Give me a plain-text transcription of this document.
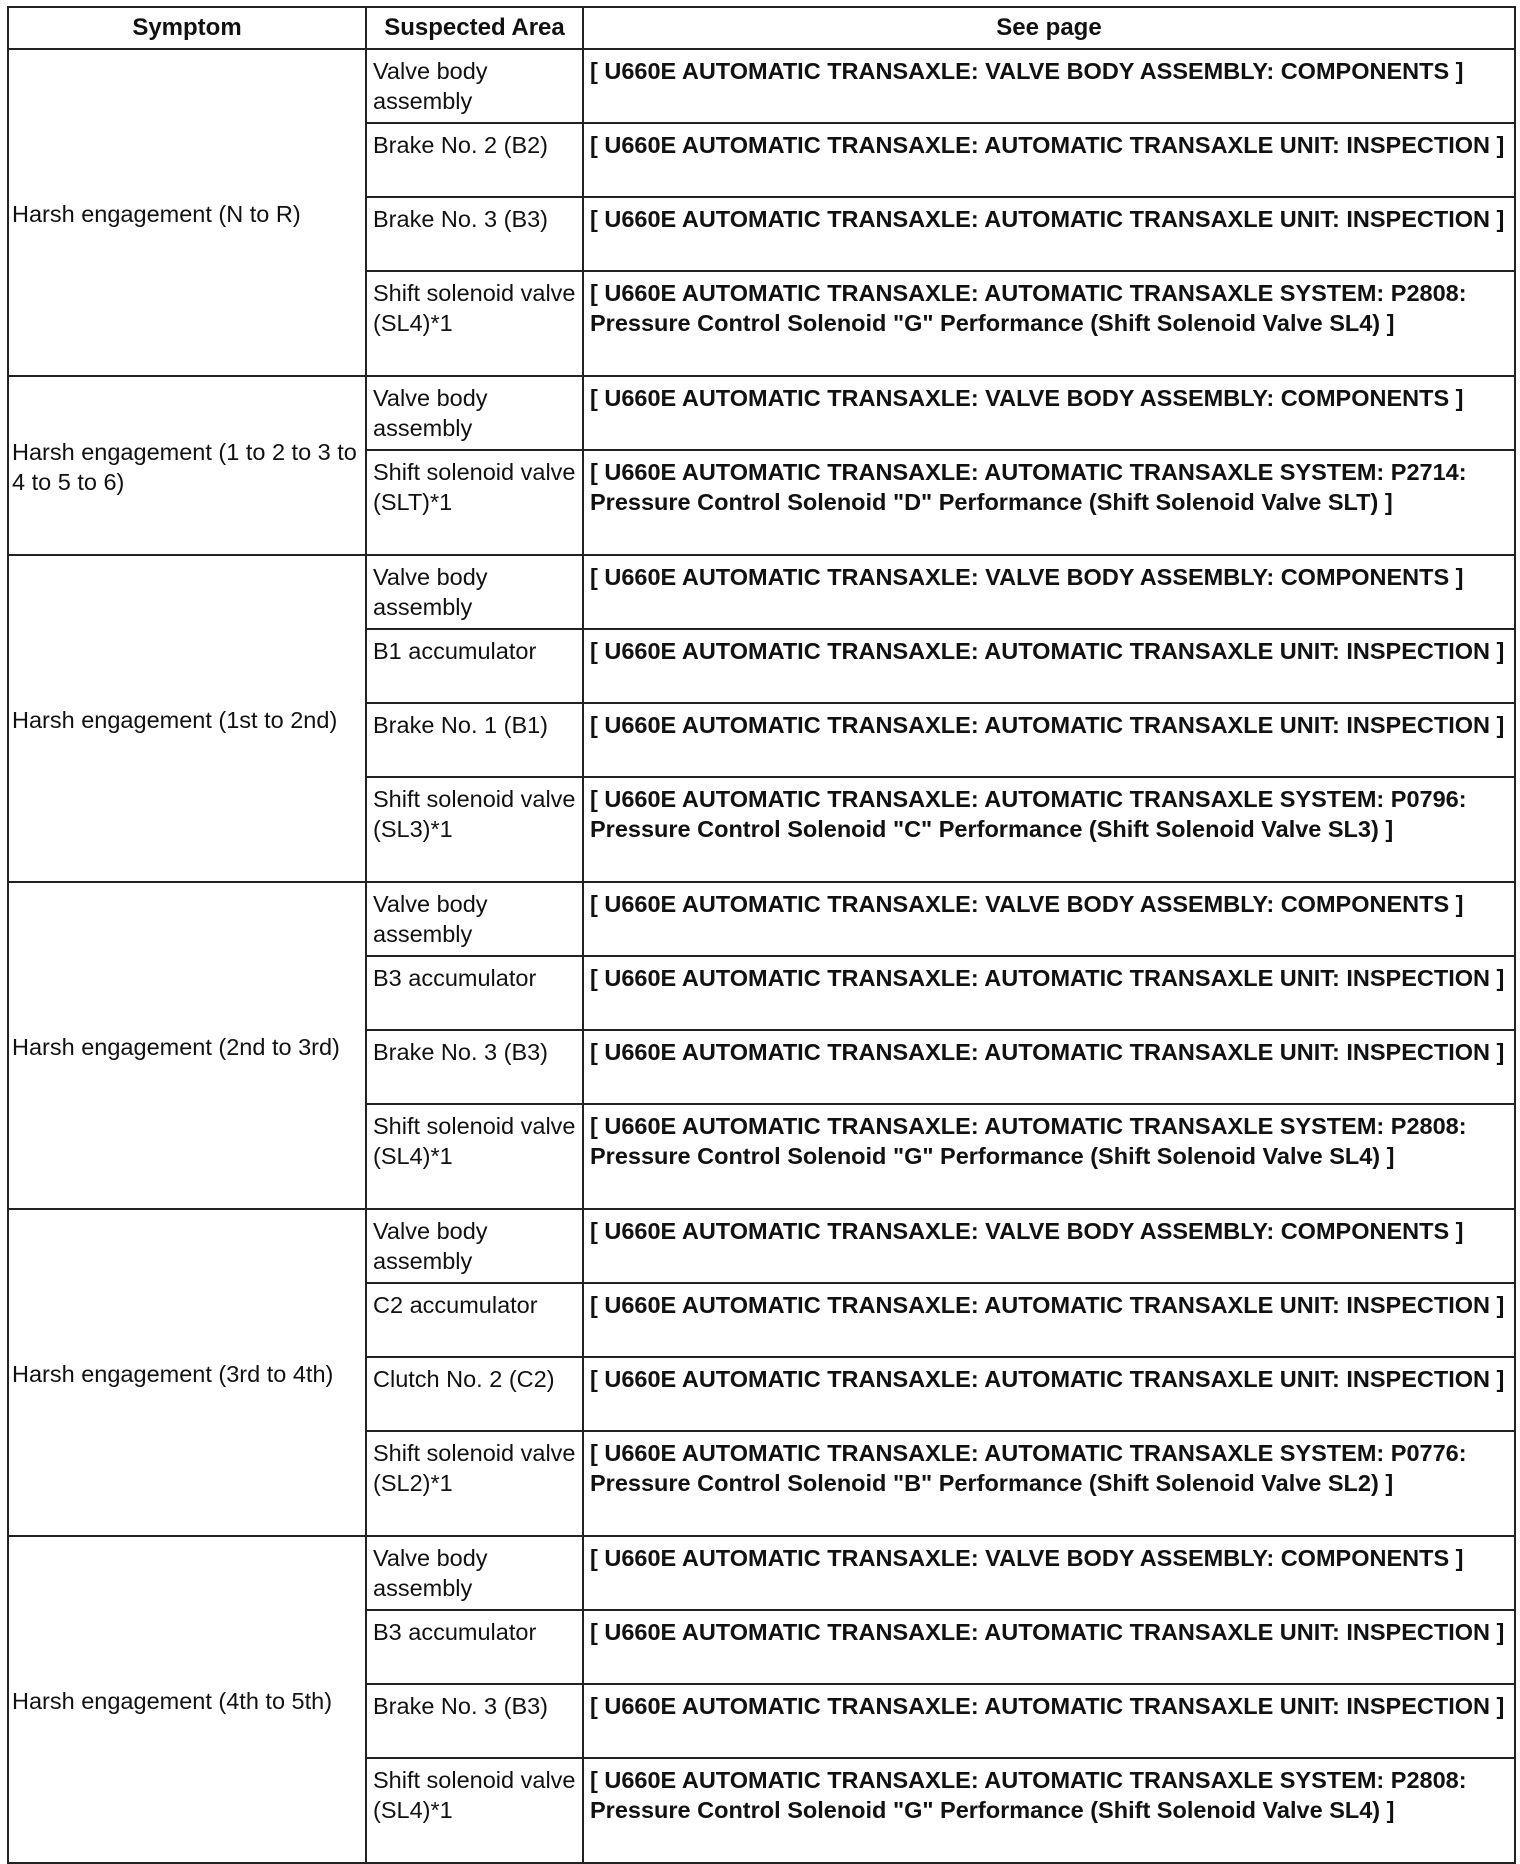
Symptom	Suspected Area	See page
Harsh engagement (N to R)	Valve body assembly	[ U660E AUTOMATIC TRANSAXLE: VALVE BODY ASSEMBLY: COMPONENTS ]
	Brake No. 2 (B2)	[ U660E AUTOMATIC TRANSAXLE: AUTOMATIC TRANSAXLE UNIT: INSPECTION ]
	Brake No. 3 (B3)	[ U660E AUTOMATIC TRANSAXLE: AUTOMATIC TRANSAXLE UNIT: INSPECTION ]
	Shift solenoid valve (SL4)*1	[ U660E AUTOMATIC TRANSAXLE: AUTOMATIC TRANSAXLE SYSTEM: P2808: Pressure Control Solenoid "G" Performance (Shift Solenoid Valve SL4) ]
Harsh engagement (1 to 2 to 3 to 4 to 5 to 6)	Valve body assembly	[ U660E AUTOMATIC TRANSAXLE: VALVE BODY ASSEMBLY: COMPONENTS ]
	Shift solenoid valve (SLT)*1	[ U660E AUTOMATIC TRANSAXLE: AUTOMATIC TRANSAXLE SYSTEM: P2714: Pressure Control Solenoid "D" Performance (Shift Solenoid Valve SLT) ]
Harsh engagement (1st to 2nd)	Valve body assembly	[ U660E AUTOMATIC TRANSAXLE: VALVE BODY ASSEMBLY: COMPONENTS ]
	B1 accumulator	[ U660E AUTOMATIC TRANSAXLE: AUTOMATIC TRANSAXLE UNIT: INSPECTION ]
	Brake No. 1 (B1)	[ U660E AUTOMATIC TRANSAXLE: AUTOMATIC TRANSAXLE UNIT: INSPECTION ]
	Shift solenoid valve (SL3)*1	[ U660E AUTOMATIC TRANSAXLE: AUTOMATIC TRANSAXLE SYSTEM: P0796: Pressure Control Solenoid "C" Performance (Shift Solenoid Valve SL3) ]
Harsh engagement (2nd to 3rd)	Valve body assembly	[ U660E AUTOMATIC TRANSAXLE: VALVE BODY ASSEMBLY: COMPONENTS ]
	B3 accumulator	[ U660E AUTOMATIC TRANSAXLE: AUTOMATIC TRANSAXLE UNIT: INSPECTION ]
	Brake No. 3 (B3)	[ U660E AUTOMATIC TRANSAXLE: AUTOMATIC TRANSAXLE UNIT: INSPECTION ]
	Shift solenoid valve (SL4)*1	[ U660E AUTOMATIC TRANSAXLE: AUTOMATIC TRANSAXLE SYSTEM: P2808: Pressure Control Solenoid "G" Performance (Shift Solenoid Valve SL4) ]
Harsh engagement (3rd to 4th)	Valve body assembly	[ U660E AUTOMATIC TRANSAXLE: VALVE BODY ASSEMBLY: COMPONENTS ]
	C2 accumulator	[ U660E AUTOMATIC TRANSAXLE: AUTOMATIC TRANSAXLE UNIT: INSPECTION ]
	Clutch No. 2 (C2)	[ U660E AUTOMATIC TRANSAXLE: AUTOMATIC TRANSAXLE UNIT: INSPECTION ]
	Shift solenoid valve (SL2)*1	[ U660E AUTOMATIC TRANSAXLE: AUTOMATIC TRANSAXLE SYSTEM: P0776: Pressure Control Solenoid "B" Performance (Shift Solenoid Valve SL2) ]
Harsh engagement (4th to 5th)	Valve body assembly	[ U660E AUTOMATIC TRANSAXLE: VALVE BODY ASSEMBLY: COMPONENTS ]
	B3 accumulator	[ U660E AUTOMATIC TRANSAXLE: AUTOMATIC TRANSAXLE UNIT: INSPECTION ]
	Brake No. 3 (B3)	[ U660E AUTOMATIC TRANSAXLE: AUTOMATIC TRANSAXLE UNIT: INSPECTION ]
	Shift solenoid valve (SL4)*1	[ U660E AUTOMATIC TRANSAXLE: AUTOMATIC TRANSAXLE SYSTEM: P2808: Pressure Control Solenoid "G" Performance (Shift Solenoid Valve SL4) ]
